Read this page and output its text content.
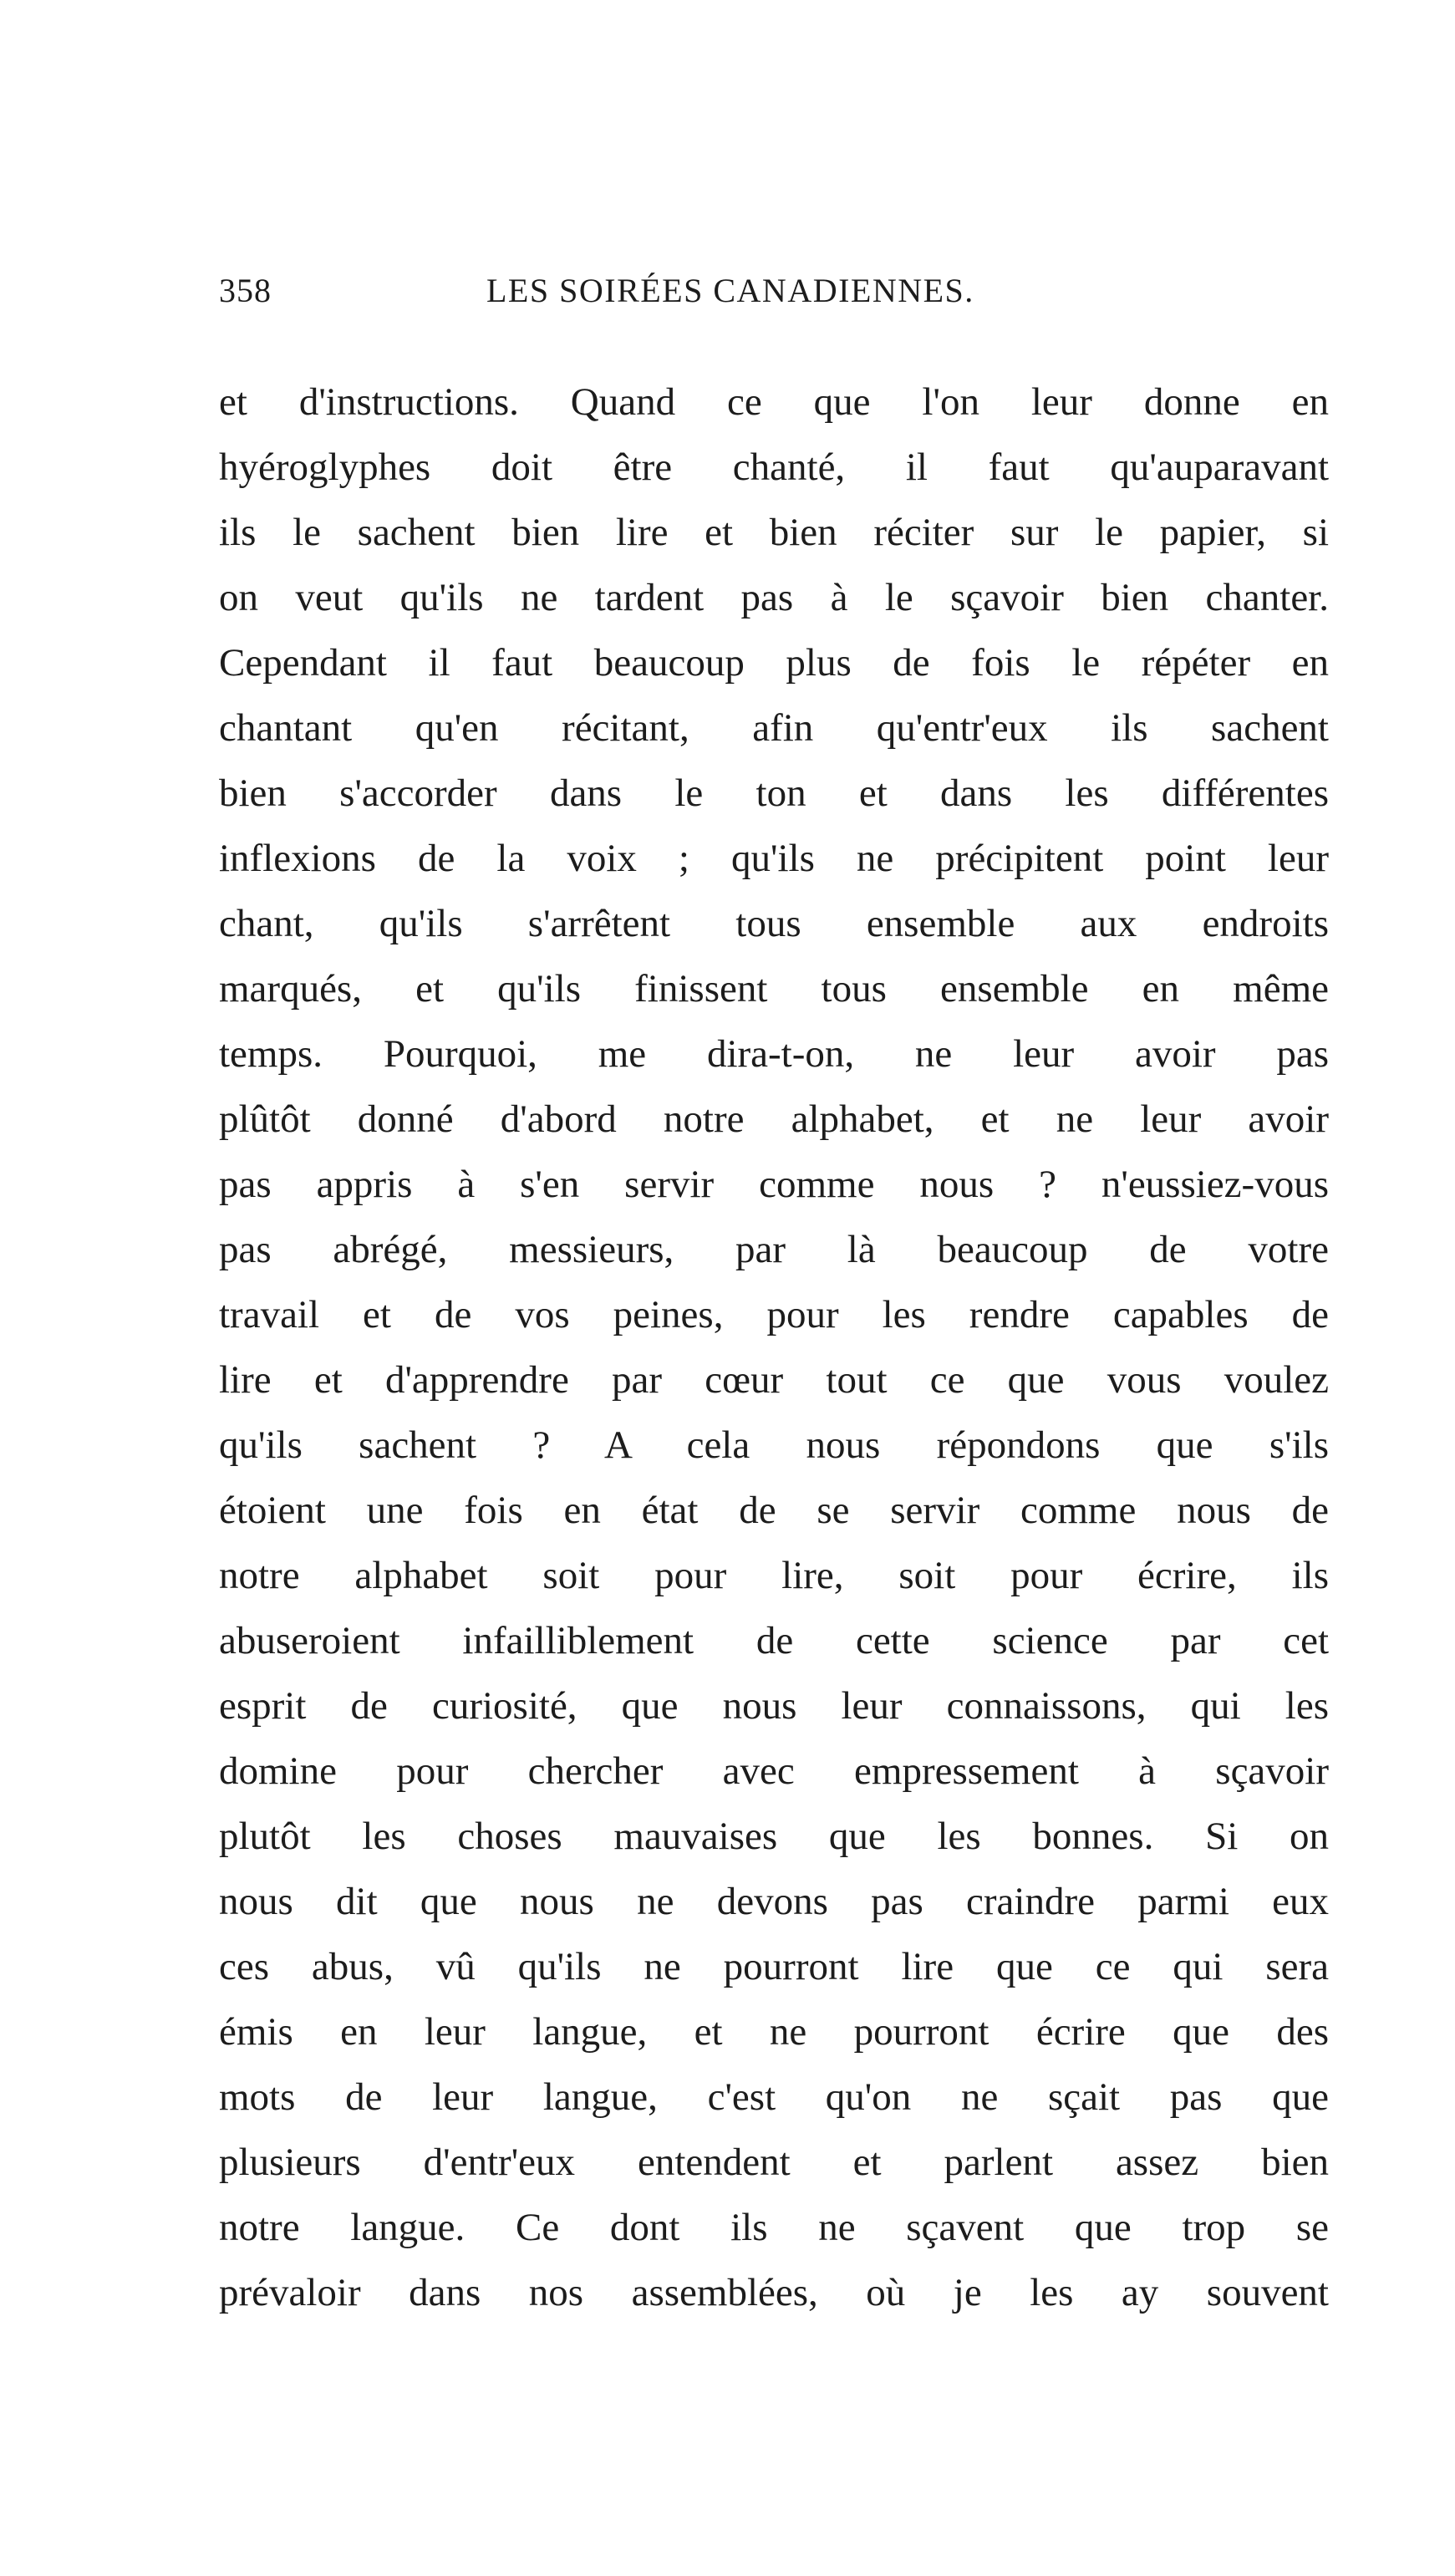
358	LES SOIRÉES CANADIENNES.
et d'instructions. Quand ce que l'on leur donne en
hyéroglyphes doit être chanté, il faut qu'auparavant
ils le sachent bien lire et bien réciter sur le papier, si
on veut qu'ils ne tardent pas à le sçavoir bien chanter.
Cependant il faut beaucoup plus de fois le répéter en
chantant qu'en récitant, afin qu'entr'eux ils sachent
bien s'accorder dans le ton et dans les différentes
inflexions de la voix ; qu'ils ne précipitent point leur
chant, qu'ils s'arrêtent tous ensemble aux endroits
marqués, et qu'ils finissent tous ensemble en même
temps. Pourquoi, me dira-t-on, ne leur avoir pas
plûtôt donné d'abord notre alphabet, et ne leur avoir
pas appris à s'en servir comme nous ? n'eussiez-vous
pas abrégé, messieurs, par là beaucoup de votre
travail et de vos peines, pour les rendre capables de
lire et d'apprendre par cœur tout ce que vous voulez
qu'ils sachent ? A cela nous répondons que s'ils
étoient une fois en état de se servir comme nous de
notre alphabet soit pour lire, soit pour écrire, ils
abuseroient infailliblement de cette science par cet
esprit de curiosité, que nous leur connaissons, qui les
domine pour chercher avec empressement à sçavoir
plutôt les choses mauvaises que les bonnes. Si on
nous dit que nous ne devons pas craindre parmi eux
ces abus, vû qu'ils ne pourront lire que ce qui sera
émis en leur langue, et ne pourront écrire que des
mots de leur langue, c'est qu'on ne sçait pas que
plusieurs d'entr'eux entendent et parlent assez bien
notre langue. Ce dont ils ne sçavent que trop se
prévaloir dans nos assemblées, où je les ay souvent
